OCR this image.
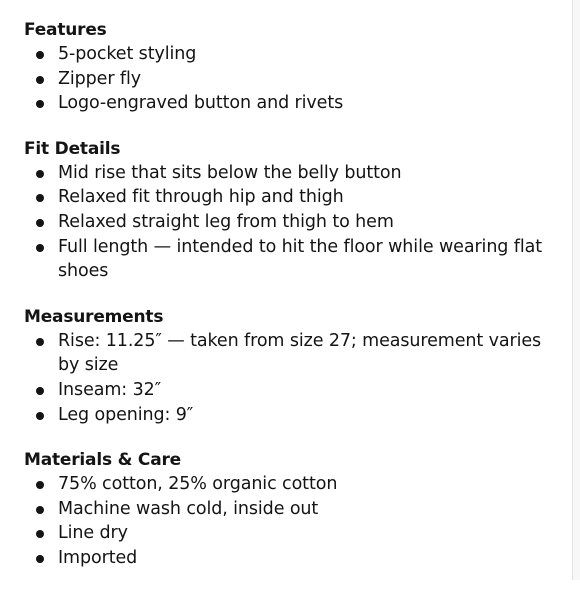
Features
5-pocket styling
Zipper fly
Logo-engraved button and rivets
Fit Details
Mid rise that sits below the belly button
Relaxed fit through hip and thigh
Relaxed straight leg from thigh to hem
Full length — intended to hit the floor while wearing flat shoes
Measurements
Rise: 11.25″ — taken from size 27; measurement varies by size
Inseam: 32″
Leg opening: 9″
Materials & Care
75% cotton, 25% organic cotton
Machine wash cold, inside out
Line dry
Imported
